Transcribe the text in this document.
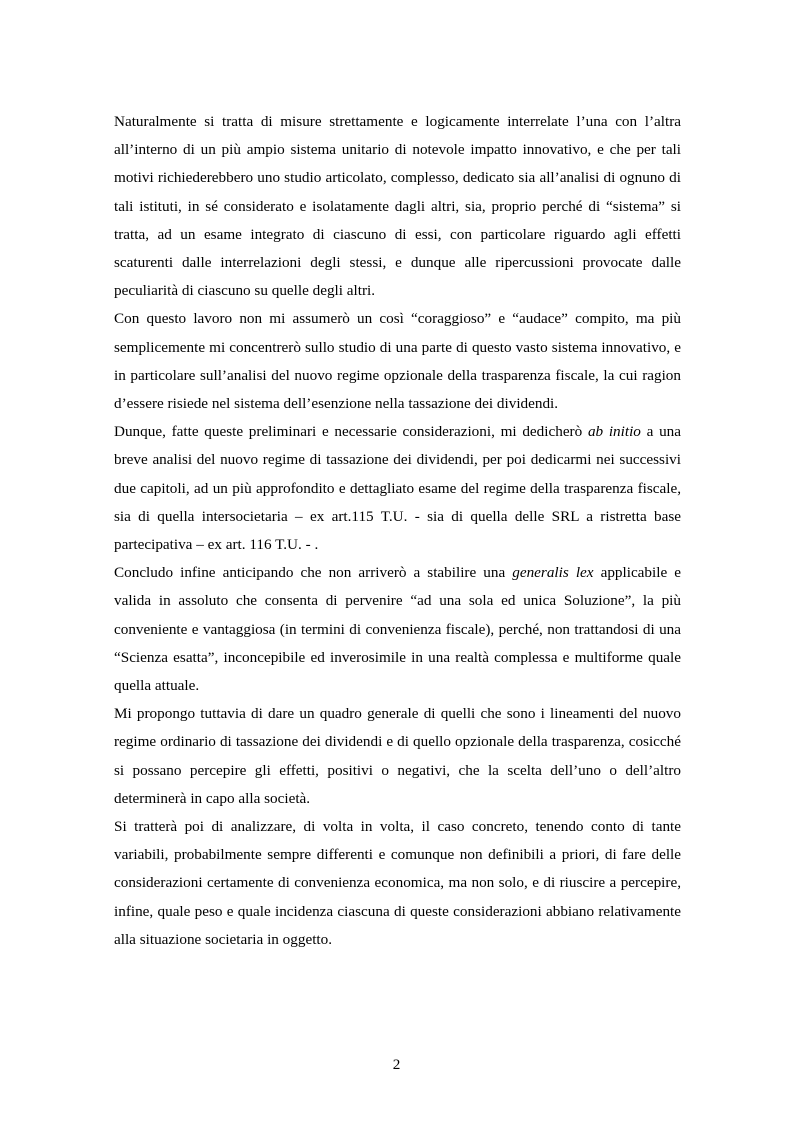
Naturalmente si tratta di misure strettamente e logicamente interrelate l’una con l’altra all’interno di un più ampio sistema unitario di notevole impatto innovativo, e che per tali motivi richiederebbero uno studio articolato, complesso, dedicato sia all’analisi di ognuno di tali istituti, in sé considerato e isolatamente dagli altri, sia, proprio perché di “sistema” si tratta, ad un esame integrato di ciascuno di essi, con particolare riguardo agli effetti scaturenti dalle interrelazioni degli stessi, e dunque alle ripercussioni provocate dalle peculiarità di ciascuno su quelle degli altri.

Con questo lavoro non mi assumerò un così “coraggioso” e “audace” compito, ma più semplicemente mi concentrerò sullo studio di una parte di questo vasto sistema innovativo, e in particolare sull’analisi del nuovo regime opzionale della trasparenza fiscale, la cui ragion d’essere risiede nel sistema dell’esenzione nella tassazione dei dividendi.

Dunque, fatte queste preliminari e necessarie considerazioni, mi dedicherò ab initio a una breve analisi del nuovo regime di tassazione dei dividendi, per poi dedicarmi nei successivi due capitoli, ad un più approfondito e dettagliato esame del regime della trasparenza fiscale, sia di quella intersocietaria – ex art.115 T.U. - sia di quella delle SRL a ristretta base partecipativa – ex art. 116 T.U. - .

Concludo infine anticipando che non arriverò a stabilire una generalis lex applicabile e valida in assoluto che consenta di pervenire “ad una sola ed unica Soluzione”, la più conveniente e vantaggiosa (in termini di convenienza fiscale), perché, non trattandosi di una “Scienza esatta”, inconcepibile ed inverosimile in una realtà complessa e multiforme quale quella attuale.

Mi propongo tuttavia di dare un quadro generale di quelli che sono i lineamenti del nuovo regime ordinario di tassazione dei dividendi e di quello opzionale della trasparenza, cosicché si possano percepire gli effetti, positivi o negativi, che la scelta dell’uno o dell’altro determinerà in capo alla società.

Si tratterà poi di analizzare, di volta in volta, il caso concreto, tenendo conto di tante variabili, probabilmente sempre differenti e comunque non definibili a priori, di fare delle considerazioni certamente di convenienza economica, ma non solo, e di riuscire a percepire, infine, quale peso e quale incidenza ciascuna di queste considerazioni abbiano relativamente alla situazione societaria in oggetto.

2
